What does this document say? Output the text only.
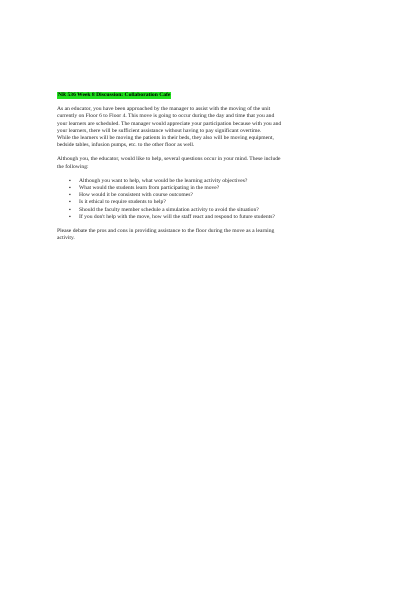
NR 536 Week 8 Discussion: Collaboration Cafe

As an educator, you have been approached by the manager to assist with the moving of the unit
currently on Floor 6 to Floor 4. This move is going to occur during the day and time that you and
your learners are scheduled. The manager would appreciate your participation because with you and
your learners, there will be sufficient assistance without having to pay significant overtime.
While the learners will be moving the patients in their beds, they also will be moving equipment,
bedside tables, infusion pumps, etc. to the other floor as well.

Although you, the educator, would like to help, several questions occur in your mind. These include
the following:

▪ Although you want to help, what would be the learning activity objectives?
▪ What would the students learn from participating in the move?
▪ How would it be consistent with course outcomes?
▪ Is it ethical to require students to help?
▪ Should the faculty member schedule a simulation activity to avoid the situation?
▪ If you don't help with the move, how will the staff react and respond to future students?

Please debate the pros and cons in providing assistance to the floor during the move as a learning
activity.
